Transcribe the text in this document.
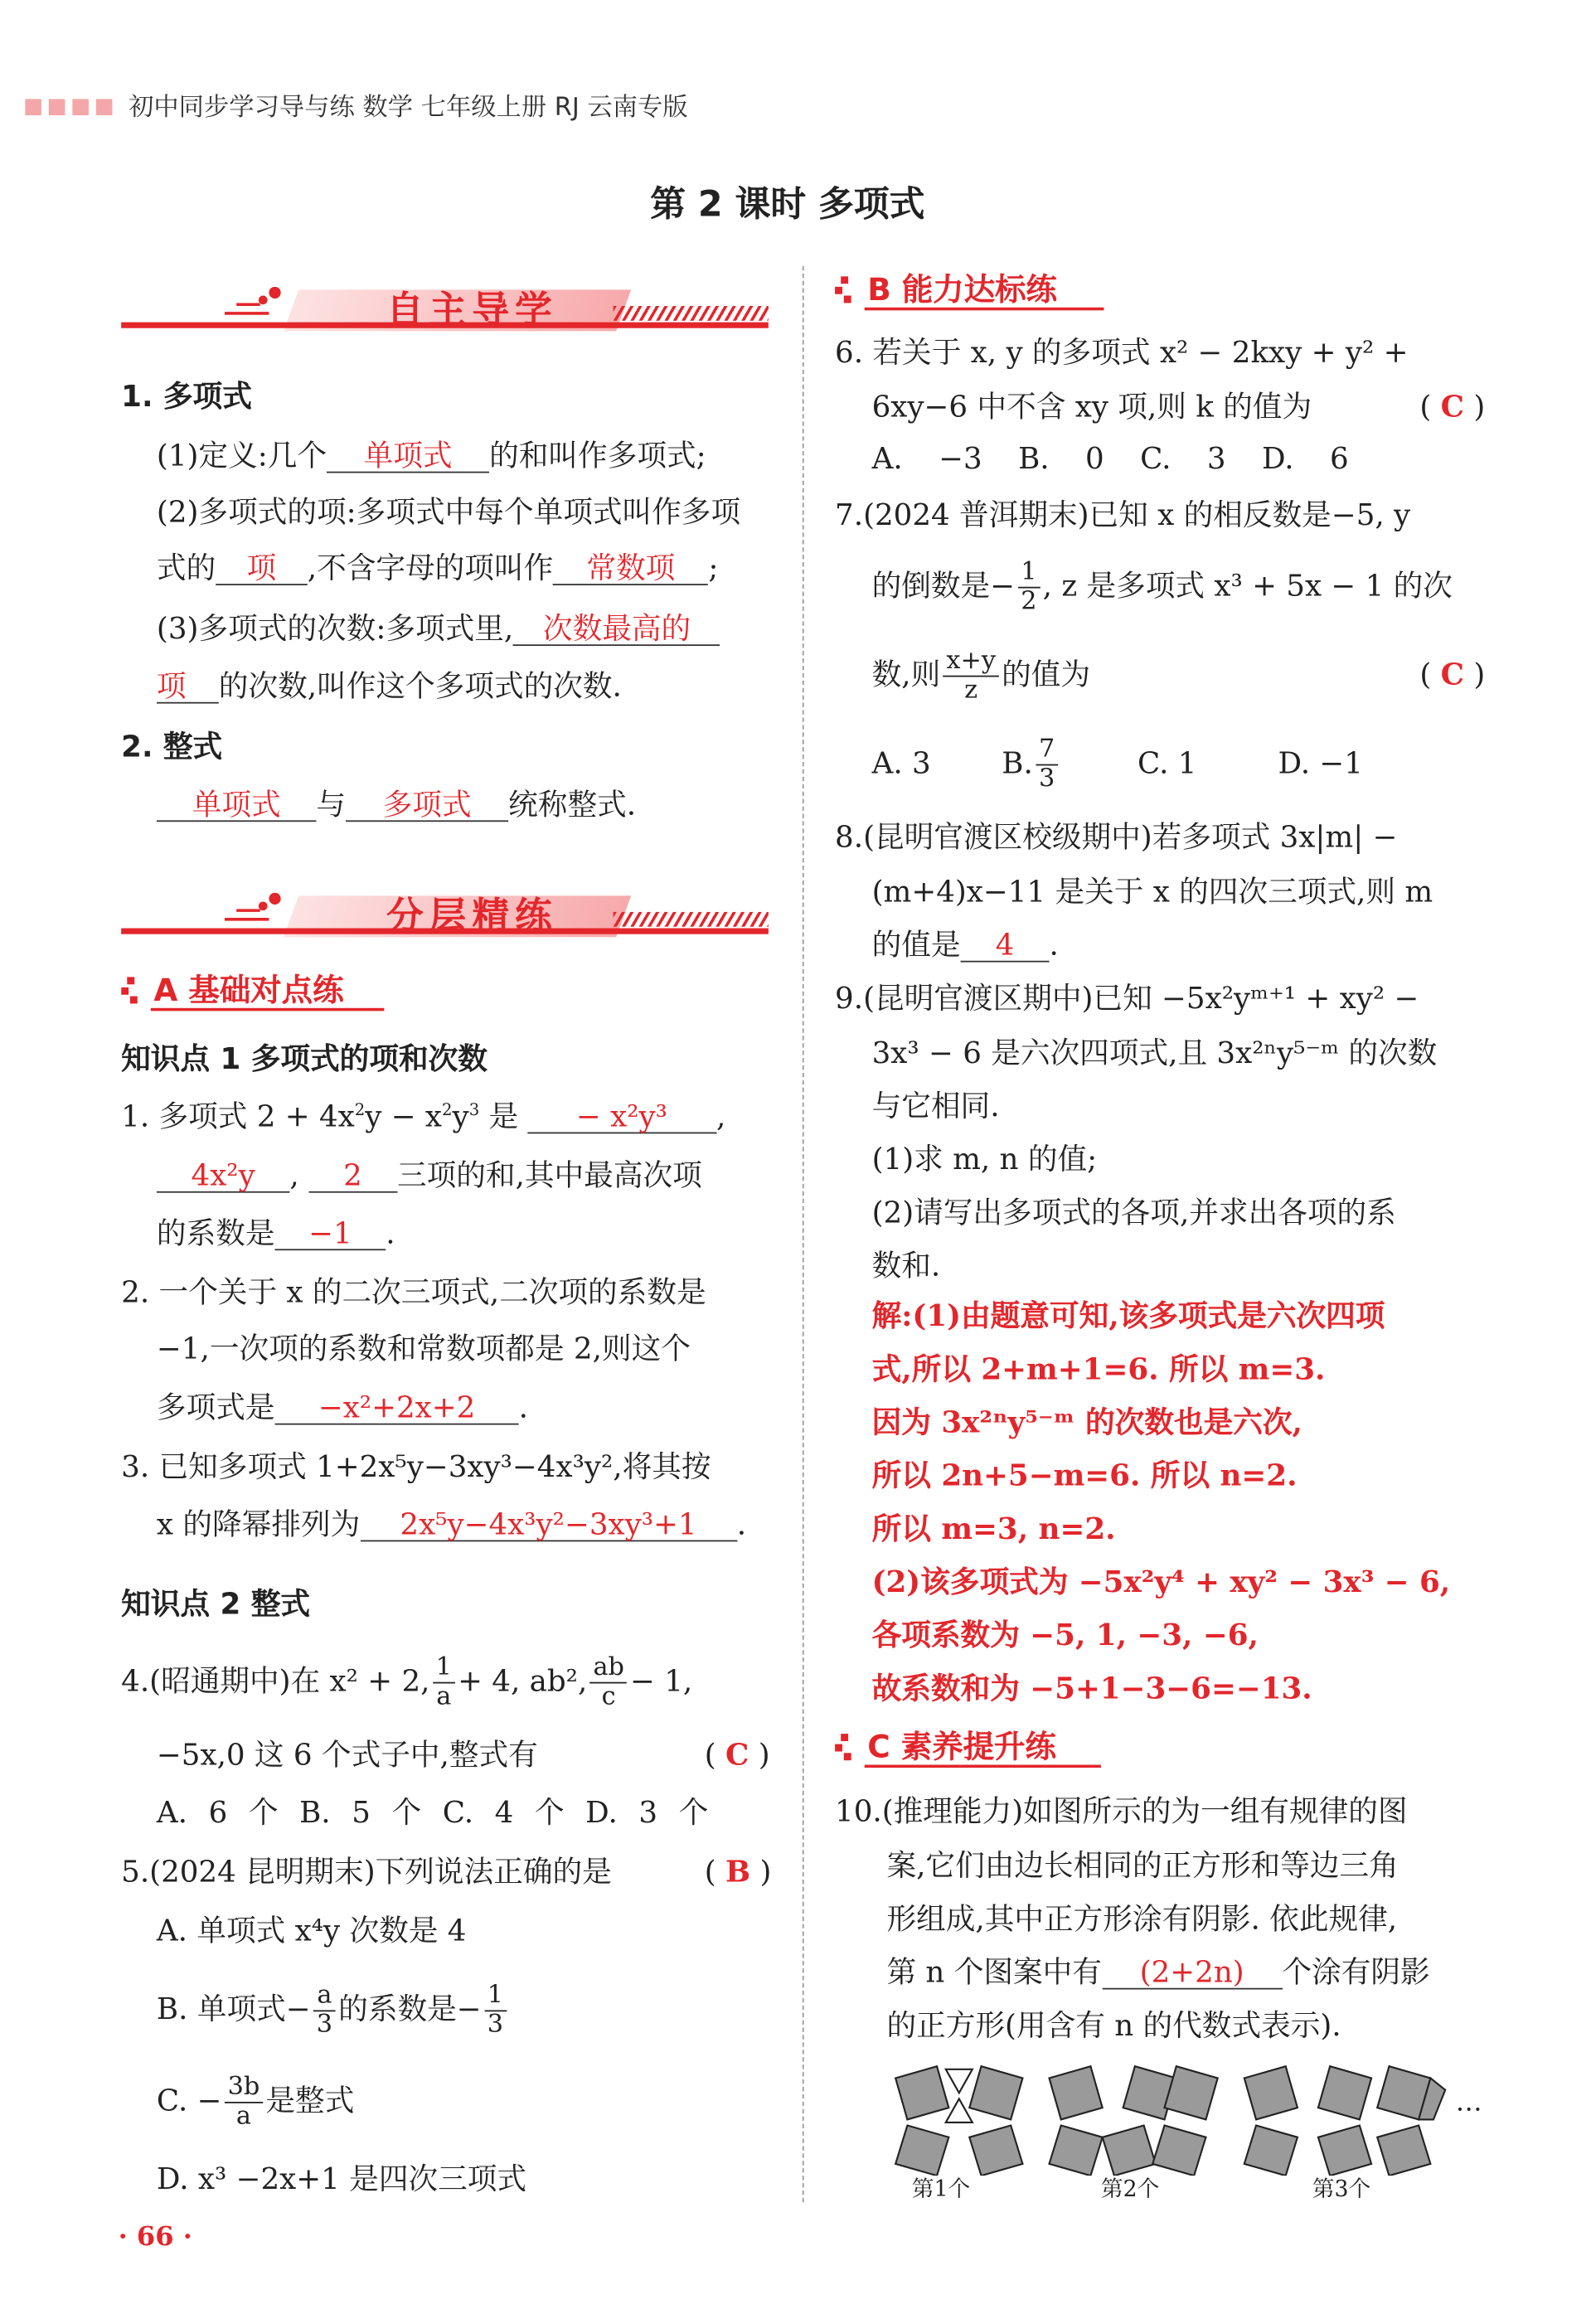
初中同步学习导与练 数学 七年级上册 RJ 云南专版
第 2 课时 多项式
自主导学
1. 多项式
(1)定义:几个 单项式 的和叫作多项式;
(2)多项式的项:多项式中每个单项式叫作多项
式的 项 ,不含字母的项叫作 常数项 ;
(3)多项式的次数:多项式里, 次数最高的
项 的次数,叫作这个多项式的次数.
2. 整式
单项式 与 多项式 统称整式.
分层精练
A 基础对点练
知识点 1 多项式的项和次数
1. 多项式 $2 + 4x^2y - x^2y^3$ 是	− x²y³	,
4x²y , 2 三项的和,其中最高次项
的系数是 −1 .
2. 一个关于 x 的二次三项式,二次项的系数是
−1,一次项的系数和常数项都是 2,则这个
多项式是	−x²+2x+2	.
3. 已知多项式 1+2x⁵y−3xy³−4x³y²,将其按
x 的降幂排列为 2x⁵y−4x³y²−3xy³+1 .
知识点 2 整式
4.(昭通期中)在 x² + 2, $\frac{1}{a} + 4$, ab², $\frac{ab}{c} - 1$,
−5x,0 这 6 个式子中,整式有	( C )
A. 6 个 B. 5 个 C. 4 个 D. 3 个
5.(2024 昆明期末)下列说法正确的是	( B )
A. 单项式 x⁴y 次数是 4
B. 单项式− $\frac{a}{3}$ 的系数是− $\frac{1}{3}$
C. − $\frac{3b}{a}$ 是整式
D. x³ −2x+1 是四次三项式
· 66 ·
B 能力达标练
6. 若关于 x, y 的多项式 x² − 2kxy + y² +
6xy−6 中不含 xy 项,则 k 的值为	( C )
A. −3 B. 0 C. 3 D. 6
7.(2024 普洱期末)已知 x 的相反数是−5, y
的倒数是− $\frac{1}{2}$ , z 是多项式 x³ + 5x − 1 的次
数,则 $\frac{x+y}{z}$ 的值为	( C )
A. 3	B. $\frac{7}{3}$	C. 1	D. −1
8.(昆明官渡区校级期中)若多项式 3x|m| −
(m+4)x−11 是关于 x 的四次三项式,则 m
的值是 4 .
9.(昆明官渡区期中)已知 −5x²yᵐ⁺¹ + xy² −
3x³ − 6 是六次四项式,且 3x²ⁿy⁵⁻ᵐ 的次数
与它相同.
(1)求 m, n 的值;
(2)请写出多项式的各项,并求出各项的系
数和.
解:(1)由题意可知,该多项式是六次四项
式,所以 2+m+1=6. 所以 m=3.
因为 3x²ⁿy⁵⁻ᵐ 的次数也是六次,
所以 2n+5−m=6. 所以 n=2.
所以 m=3, n=2.
(2)该多项式为 −5x²y⁴ + xy² − 3x³ − 6,
各项系数为 −5, 1, −3, −6,
故系数和为 −5+1−3−6=−13.
C 素养提升练
10.(推理能力)如图所示的为一组有规律的图
案,它们由边长相同的正方形和等边三角
形组成,其中正方形涂有阴影. 依此规律,
第 n 个图案中有 (2+2n) 个涂有阴影
的正方形(用含有 n 的代数式表示).
…
第1个	第2个	第3个
